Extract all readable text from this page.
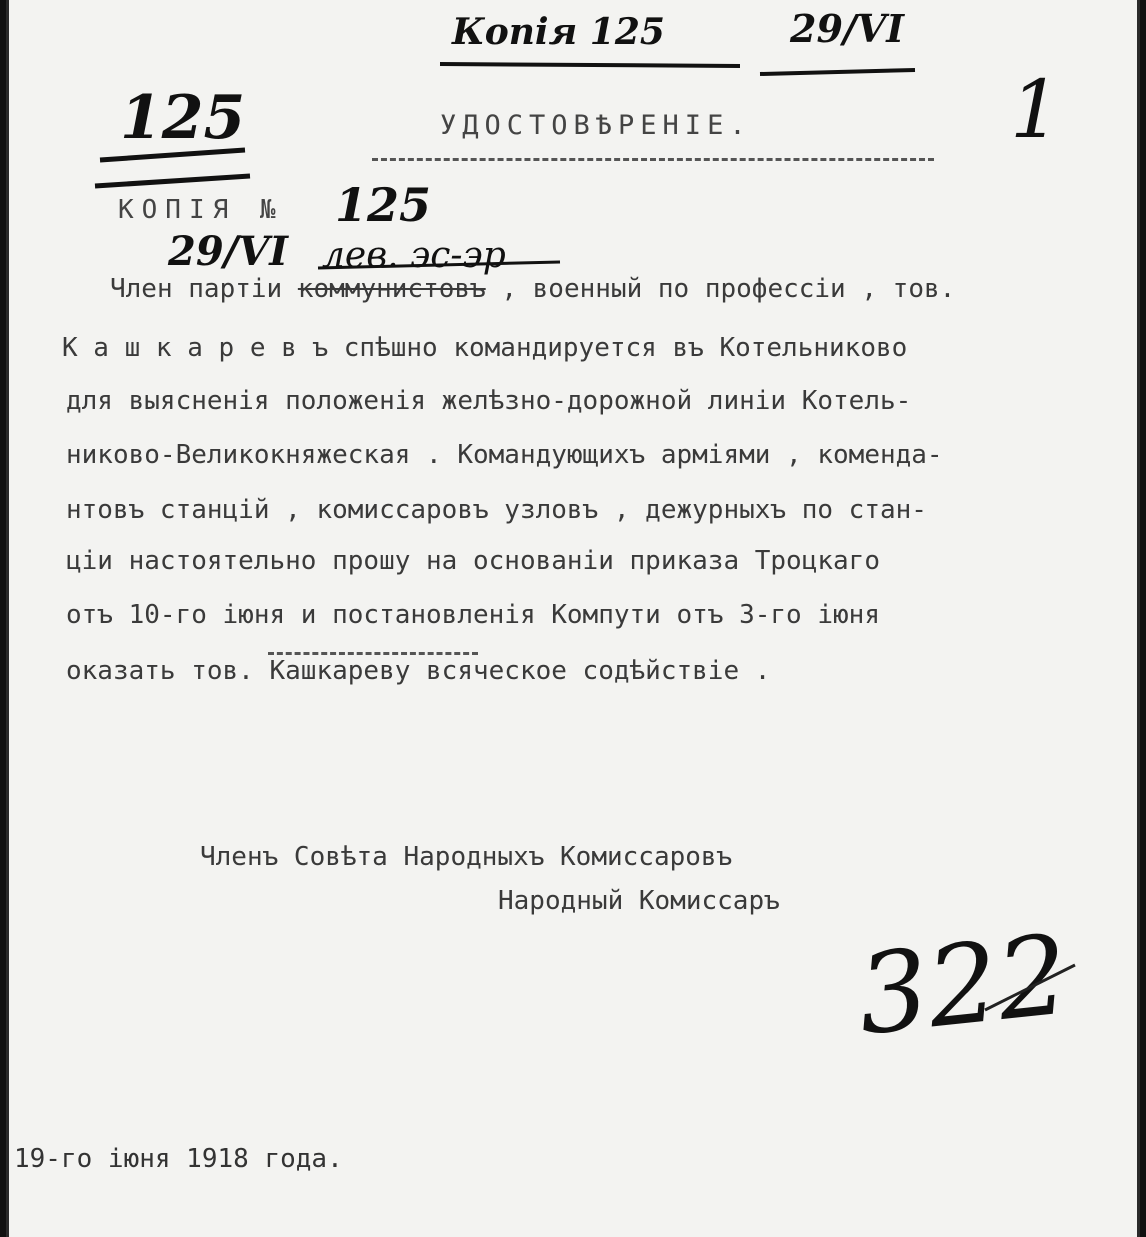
Копія 125	29/VI
125	1
УДОСТОВѢРЕНІЕ.
КОПІЯ № 125
29/VI лев. эс-эр
Член партіи коммунистовъ , военный по профессіи , тов.
К а ш к а р е в ъ спѣшно командируется въ Котельниково
для выясненія положенія желѣзно-дорожной линіи Котель-
никово-Великокняжеская . Командующихъ арміями , коменда-
нтовъ станцій , комиссаровъ узловъ , дежурныхъ по стан-
ціи настоятельно прошу на основаніи приказа Троцкаго
отъ 10-го іюня и постановленія Компути отъ 3-го іюня
оказать тов. Кашкареву всяческое содѣйствіе .
Членъ Совѣта Народныхъ Комиссаровъ
Народный Комиссаръ
322
19-го іюня 1918 года.
